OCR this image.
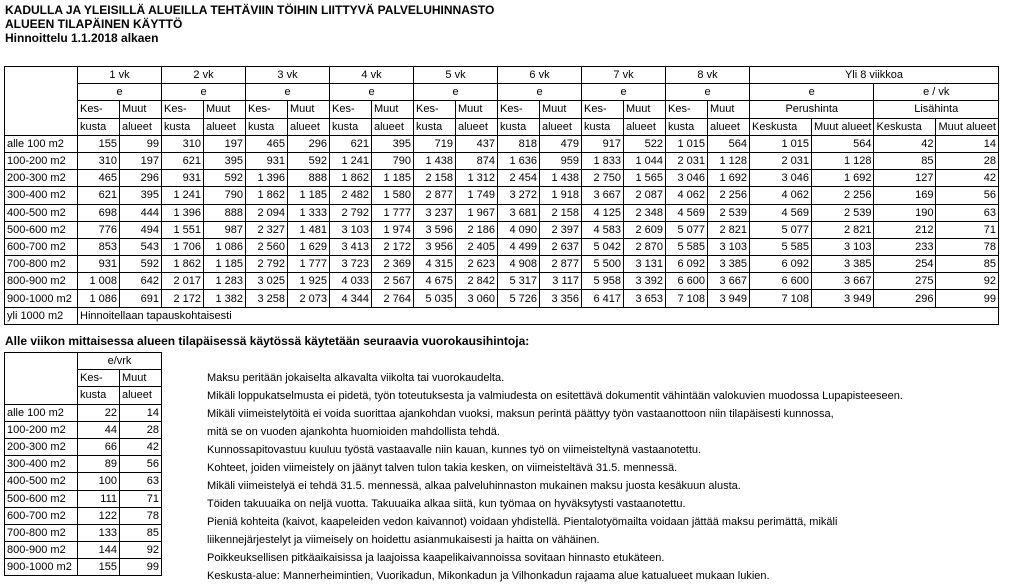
KADULLA JA YLEISILLÄ ALUEILLA TEHTÄVIIN TÖIHIN LIITTYVÄ PALVELUHINNASTO
ALUEEN TILAPÄINEN KÄYTTÖ
Hinnoittelu 1.1.2018 alkaen
	1 vk		2 vk		3 vk		4 vk		5 vk		6 vk		7 vk		8 vk		Yli 8 viikkoa			
	e		e		e		e		e		e		e		e		e		e / vk	
	Kes-	Muut	Kes-	Muut	Kes-	Muut	Kes-	Muut	Kes-	Muut	Kes-	Muut	Kes-	Muut	Kes-	Muut	Perushinta		Lisähinta	
	kusta	alueet	kusta	alueet	kusta	alueet	kusta	alueet	kusta	alueet	kusta	alueet	kusta	alueet	kusta	alueet	Keskusta	Muut alueet	Keskusta	Muut alueet
alle 100 m2	155	99	310	197	465	296	621	395	719	437	818	479	917	522	1 015	564	1 015	564	42	14
100-200 m2	310	197	621	395	931	592	1 241	790	1 438	874	1 636	959	1 833	1 044	2 031	1 128	2 031	1 128	85	28
200-300 m2	465	296	931	592	1 396	888	1 862	1 185	2 158	1 312	2 454	1 438	2 750	1 565	3 046	1 692	3 046	1 692	127	42
300-400 m2	621	395	1 241	790	1 862	1 185	2 482	1 580	2 877	1 749	3 272	1 918	3 667	2 087	4 062	2 256	4 062	2 256	169	56
400-500 m2	698	444	1 396	888	2 094	1 333	2 792	1 777	3 237	1 967	3 681	2 158	4 125	2 348	4 569	2 539	4 569	2 539	190	63
500-600 m2	776	494	1 551	987	2 327	1 481	3 103	1 974	3 596	2 186	4 090	2 397	4 583	2 609	5 077	2 821	5 077	2 821	212	71
600-700 m2	853	543	1 706	1 086	2 560	1 629	3 413	2 172	3 956	2 405	4 499	2 637	5 042	2 870	5 585	3 103	5 585	3 103	233	78
700-800 m2	931	592	1 862	1 185	2 792	1 777	3 723	2 369	4 315	2 623	4 908	2 877	5 500	3 131	6 092	3 385	6 092	3 385	254	85
800-900 m2	1 008	642	2 017	1 283	3 025	1 925	4 033	2 567	4 675	2 842	5 317	3 117	5 958	3 392	6 600	3 667	6 600	3 667	275	92
900-1000 m2	1 086	691	2 172	1 382	3 258	2 073	4 344	2 764	5 035	3 060	5 726	3 356	6 417	3 653	7 108	3 949	7 108	3 949	296	99
yli 1000 m2	Hinnoitellaan tapauskohtaisesti																			
Alle viikon mittaisessa alueen tilapäisessä käytössä käytetään seuraavia vuorokausihintoja:
	e/vrk	
	Kes-	Muut
	kusta	alueet
alle 100 m2	22	14
100-200 m2	44	28
200-300 m2	66	42
300-400 m2	89	56
400-500 m2	100	63
500-600 m2	111	71
600-700 m2	122	78
700-800 m2	133	85
800-900 m2	144	92
900-1000 m2	155	99
Maksu peritään jokaiselta alkavalta viikolta tai vuorokaudelta.
Mikäli loppukatselmusta ei pidetä, työn toteutuksesta ja valmiudesta on esitettävä dokumentit vähintään valokuvien muodossa Lupapisteeseen.
Mikäli viimeistelytöitä ei voida suorittaa ajankohdan vuoksi, maksun perintä päättyy työn vastaanottoon niin tilapäisesti kunnossa,
mitä se on vuoden ajankohta huomioiden mahdollista tehdä.
Kunnossapitovastuu kuuluu työstä vastaavalle niin kauan, kunnes työ on viimeisteltynä vastaanotettu.
Kohteet, joiden viimeistely on jäänyt talven tulon takia kesken, on viimeisteltävä 31.5. mennessä.
Mikäli viimeistelyä ei tehdä 31.5. mennessä, alkaa palveluhinnaston mukainen maksu juosta kesäkuun alusta.
Töiden takuuaika on neljä vuotta. Takuuaika alkaa siitä, kun työmaa on hyväksytysti vastaanotettu.
Pieniä kohteita (kaivot, kaapeleiden vedon kaivannot) voidaan yhdistellä. Pientalotyömailta voidaan jättää maksu perimättä, mikäli
liikennejärjestelyt ja viimeisely on hoidettu asianmukaisesti ja haitta on vähäinen.
Poikkeuksellisen pitkäaikaisissa ja laajoissa kaapelikaivannoissa sovitaan hinnasto etukäteen.
Keskusta-alue: Mannerheimintien, Vuorikadun, Mikonkadun ja Vilhonkadun rajaama alue katualueet mukaan lukien.
